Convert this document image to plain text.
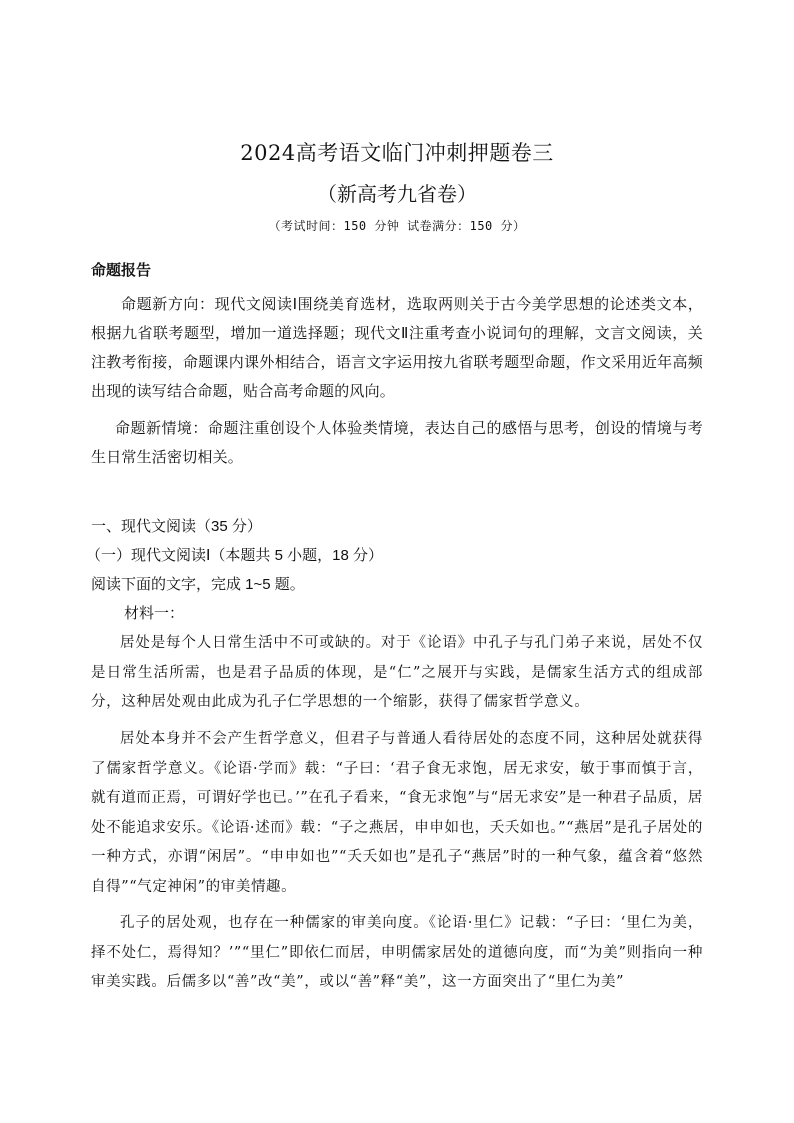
2024高考语文临门冲刺押题卷三
（新高考九省卷）
（考试时间：150 分钟 试卷满分：150 分）
命题报告
命题新方向：现代文阅读Ⅰ围绕美育选材，选取两则关于古今美学思想的论述类文本，根据九省联考题型，增加一道选择题；现代文Ⅱ注重考查小说词句的理解，文言文阅读，关注教考衔接，命题课内课外相结合，语言文字运用按九省联考题型命题，作文采用近年高频出现的读写结合命题，贴合高考命题的风向。
命题新情境：命题注重创设个人体验类情境，表达自己的感悟与思考，创设的情境与考生日常生活密切相关。
一、现代文阅读（35 分）
（一）现代文阅读Ⅰ（本题共 5 小题，18 分）
阅读下面的文字，完成 1~5 题。
材料一：
居处是每个人日常生活中不可或缺的。对于《论语》中孔子与孔门弟子来说，居处不仅是日常生活所需，也是君子品质的体现，是“仁”之展开与实践，是儒家生活方式的组成部分，这种居处观由此成为孔子仁学思想的一个缩影，获得了儒家哲学意义。
居处本身并不会产生哲学意义，但君子与普通人看待居处的态度不同，这种居处就获得了儒家哲学意义。《论语·学而》载：“子曰：‘君子食无求饱，居无求安，敏于事而慎于言，就有道而正焉，可谓好学也已。’”在孔子看来，“食无求饱”与“居无求安”是一种君子品质，居处不能追求安乐。《论语·述而》载：“子之燕居，申申如也，夭夭如也。”“燕居”是孔子居处的一种方式，亦谓“闲居”。“申申如也”“夭夭如也”是孔子“燕居”时的一种气象，蕴含着“悠然自得”“气定神闲”的审美情趣。
孔子的居处观，也存在一种儒家的审美向度。《论语·里仁》记载：“子曰：‘里仁为美，择不处仁，焉得知？’”“里仁”即依仁而居，申明儒家居处的道德向度，而“为美”则指向一种审美实践。后儒多以“善”改“美”，或以“善”释“美”，这一方面突出了“里仁为美”
